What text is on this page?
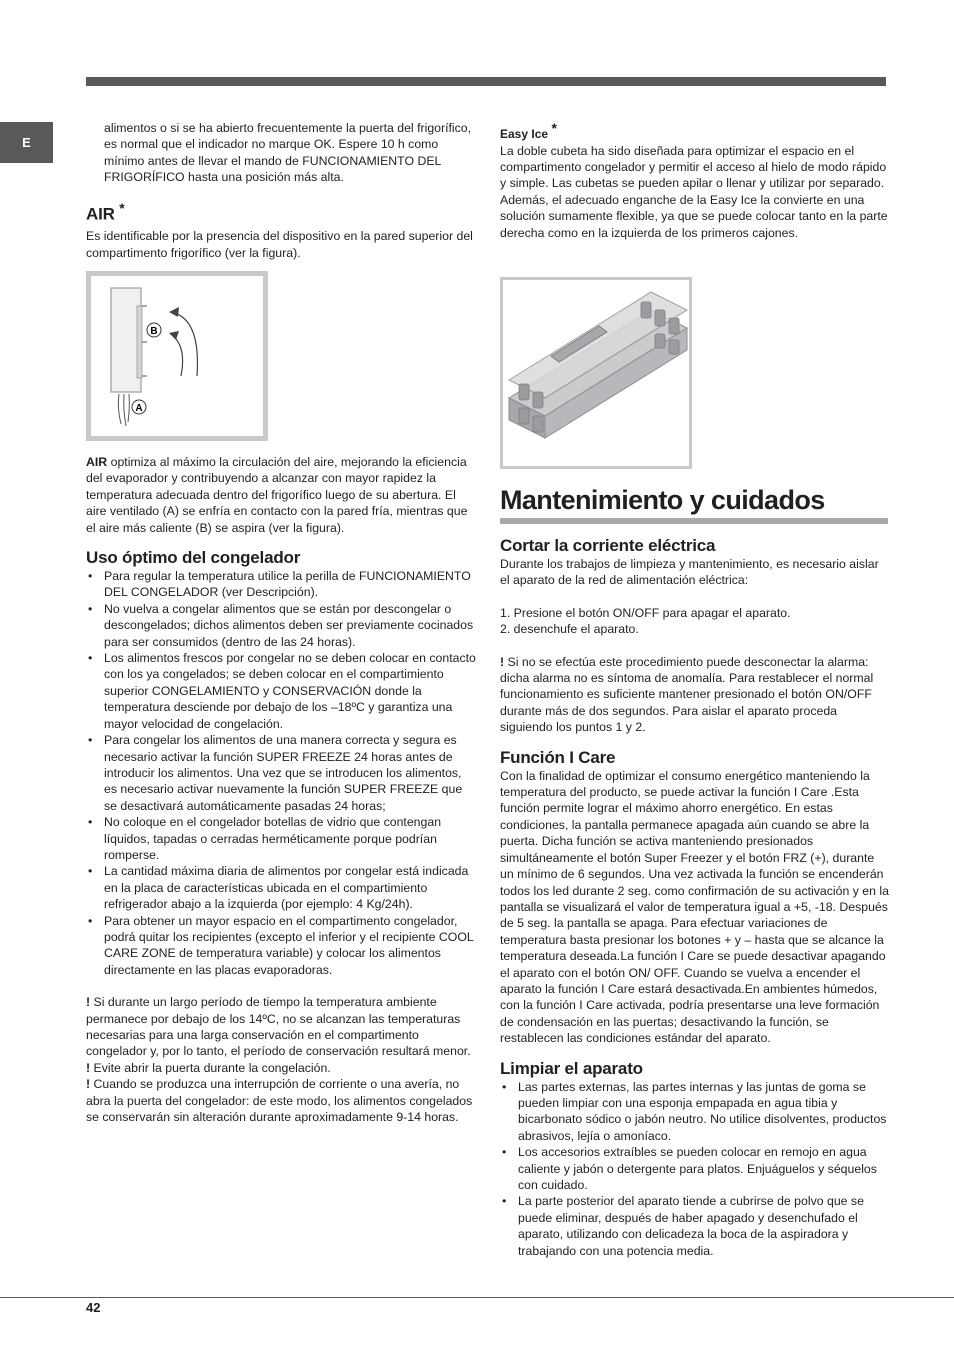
E

alimentos o si se ha abierto frecuentemente la puerta del frigorífico, es normal que el indicador no marque OK. Espere 10 h como mínimo antes de llevar el mando de FUNCIONAMIENTO DEL FRIGORÍFICO hasta una posición más alta.

AIR *

Es identificable por la presencia del dispositivo en la pared superior del compartimento frigorífico (ver la figura).

B
A

AIR optimiza al máximo la circulación del aire, mejorando la eficiencia del evaporador y contribuyendo a alcanzar con mayor rapidez la temperatura adecuada dentro del frigorífico luego de su abertura. El aire ventilado (A) se enfría en contacto con la pared fría, mientras que el aire más caliente (B) se aspira (ver la figura).

Uso óptimo del congelador
• Para regular la temperatura utilice la perilla de FUNCIONAMIENTO DEL CONGELADOR (ver Descripción).
• No vuelva a congelar alimentos que se están por descongelar o descongelados; dichos alimentos deben ser previamente cocinados para ser consumidos (dentro de las 24 horas).
• Los alimentos frescos por congelar no se deben colocar en contacto con los ya congelados; se deben colocar en el compartimiento superior CONGELAMIENTO y CONSERVACIÓN donde la temperatura desciende por debajo de los –18ºC y garantiza una mayor velocidad de congelación.
• Para congelar los alimentos de una manera correcta y segura es necesario activar la función SUPER FREEZE 24 horas antes de introducir los alimentos. Una vez que se introducen los alimentos, es necesario activar nuevamente la función SUPER FREEZE que se desactivará automáticamente pasadas 24 horas;
• No coloque en el congelador botellas de vidrio que contengan líquidos, tapadas o cerradas herméticamente porque podrían romperse.
• La cantidad máxima diaria de alimentos por congelar está indicada en la placa de características ubicada en el compartimiento refrigerador abajo a la izquierda (por ejemplo: 4 Kg/24h).
• Para obtener un mayor espacio en el compartimento congelador, podrá quitar los recipientes (excepto el inferior y el recipiente COOL CARE ZONE de temperatura variable) y colocar los alimentos directamente en las placas evaporadoras.

! Si durante un largo período de tiempo la temperatura ambiente permanece por debajo de los 14ºC, no se alcanzan las temperaturas necesarias para una larga conservación en el compartimento congelador y, por lo tanto, el período de conservación resultará menor.

! Evite abrir la puerta durante la congelación.

! Cuando se produzca una interrupción de corriente o una avería, no abra la puerta del congelador: de este modo, los alimentos congelados se conservarán sin alteración durante aproximadamente 9-14 horas.

Easy Ice *

La doble cubeta ha sido diseñada para optimizar el espacio en el compartimento congelador y permitir el acceso al hielo de modo rápido y simple. Las cubetas se pueden apilar o llenar y utilizar por separado.

Además, el adecuado enganche de la Easy Ice la convierte en una solución sumamente flexible, ya que se puede colocar tanto en la parte derecha como en la izquierda de los primeros cajones.

Mantenimiento y cuidados
Cortar la corriente eléctrica

Durante los trabajos de limpieza y mantenimiento, es necesario aislar el aparato de la red de alimentación eléctrica:

1. Presione el botón ON/OFF para apagar el aparato.

2. desenchufe el aparato.

! Si no se efectúa este procedimiento puede desconectar la alarma: dicha alarma no es síntoma de anomalía. Para restablecer el normal funcionamiento es suficiente mantener presionado el botón ON/OFF durante más de dos segundos. Para aislar el aparato proceda siguiendo los puntos 1 y 2.

Función I Care

Con la finalidad de optimizar el consumo energético manteniendo la temperatura del producto, se puede activar la función I Care .Esta función permite lograr el máximo ahorro energético. En estas condiciones, la pantalla permanece apagada aún cuando se abre la puerta. Dicha función se activa manteniendo presionados simultáneamente el botón Super Freezer y el botón FRZ (+), durante un mínimo de 6 segundos. Una vez activada la función se encenderán todos los led durante 2 seg. como confirmación de su activación y en la pantalla se visualizará el valor de temperatura igual a +5, -18. Después de 5 seg. la pantalla se apaga. Para efectuar variaciones de temperatura basta presionar los botones + y – hasta que se alcance la temperatura deseada.La función I Care se puede desactivar apagando el aparato con el botón ON/ OFF. Cuando se vuelva a encender el aparato la función I Care estará desactivada.En ambientes húmedos, con la función I Care activada, podría presentarse una leve formación de condensación en las puertas; desactivando la función, se restablecen las condiciones estándar del aparato.

Limpiar el aparato
• Las partes externas, las partes internas y las juntas de goma se pueden limpiar con una esponja empapada en agua tibia y bicarbonato sódico o jabón neutro. No utilice disolventes, productos abrasivos, lejía o amoníaco.
• Los accesorios extraíbles se pueden colocar en remojo en agua caliente y jabón o detergente para platos. Enjuáguelos y séquelos con cuidado.
• La parte posterior del aparato tiende a cubrirse de polvo que se puede eliminar, después de haber apagado y desenchufado el aparato, utilizando con delicadeza la boca de la aspiradora y trabajando con una potencia media.
42
